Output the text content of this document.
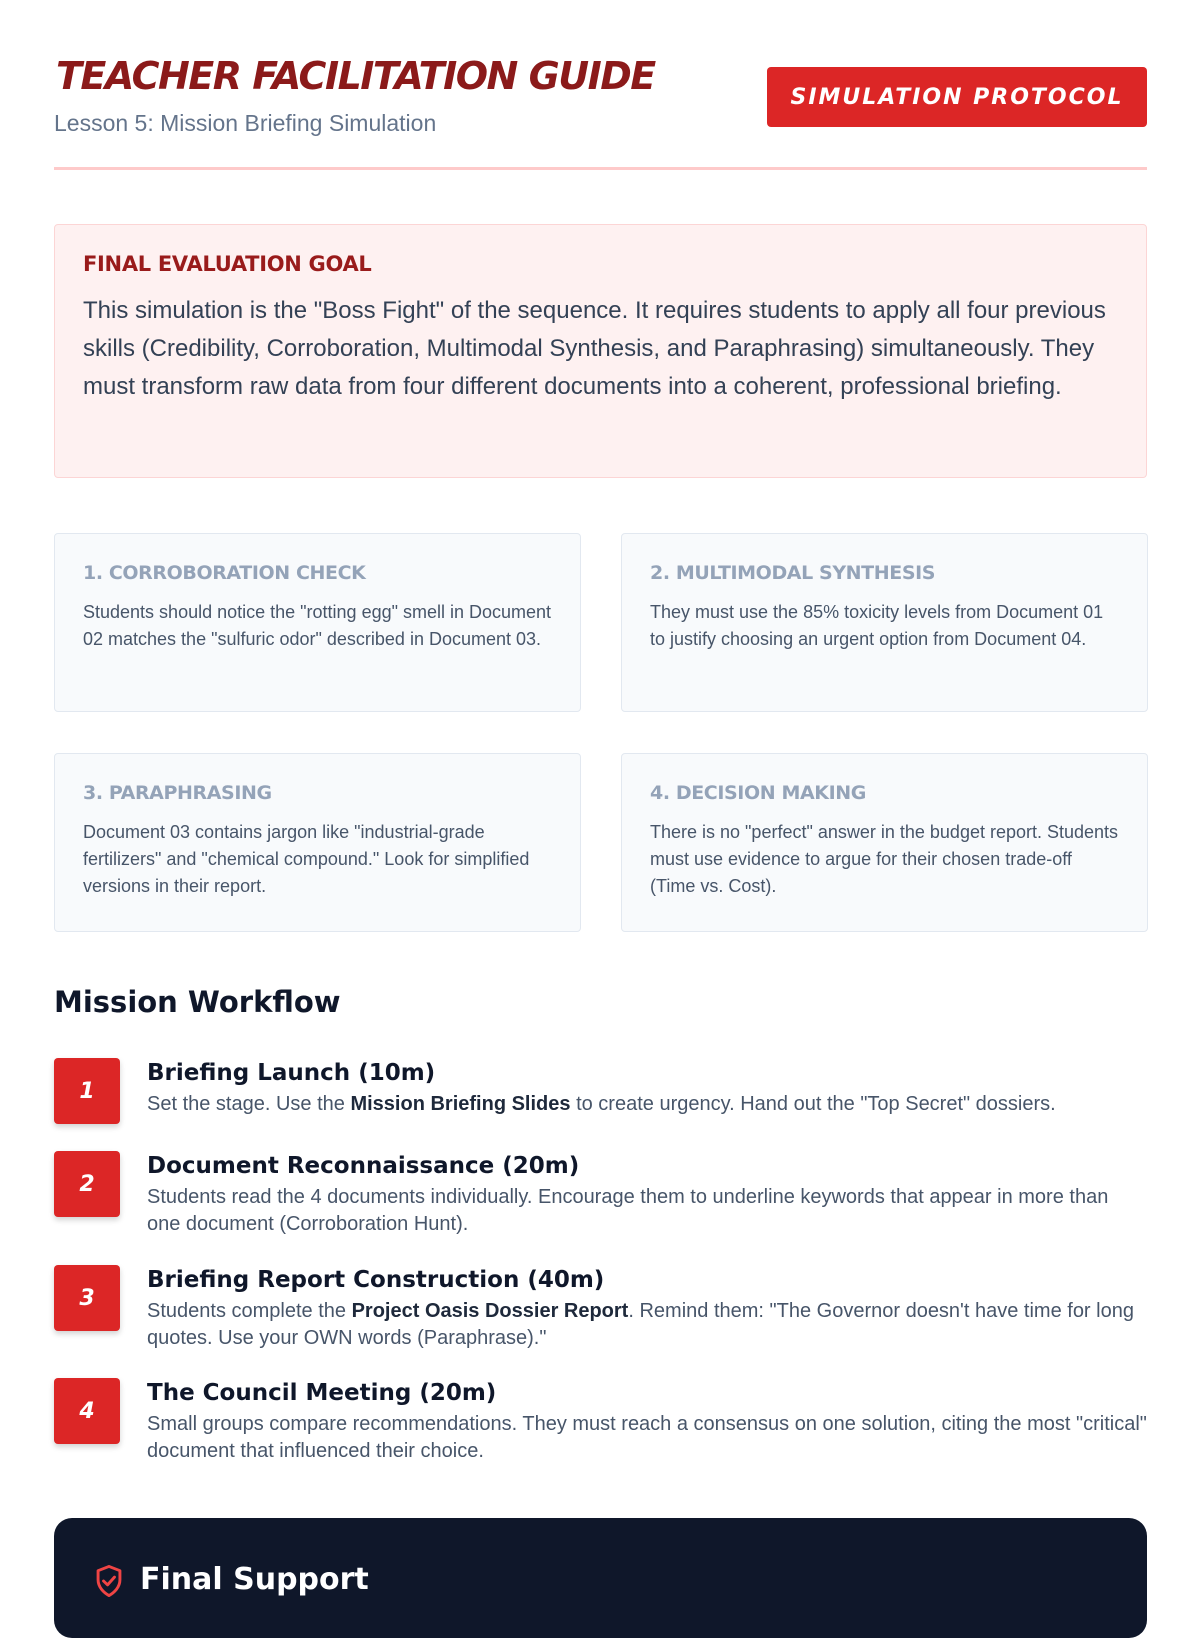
TEACHER FACILITATION GUIDE
Lesson 5: Mission Briefing Simulation
SIMULATION PROTOCOL
FINAL EVALUATION GOAL

This simulation is the "Boss Fight" of the sequence. It requires students to apply all four previous skills (Credibility, Corroboration, Multimodal Synthesis, and Paraphrasing) simultaneously. They must transform raw data from four different documents into a coherent, professional briefing.

1. CORROBORATION CHECK

Students should notice the "rotting egg" smell in Document 02 matches the "sulfuric odor" described in Document 03.

2. MULTIMODAL SYNTHESIS

They must use the 85% toxicity levels from Document 01 to justify choosing an urgent option from Document 04.

3. PARAPHRASING

Document 03 contains jargon like "industrial-grade fertilizers" and "chemical compound." Look for simplified versions in their report.

4. DECISION MAKING

There is no "perfect" answer in the budget report. Students must use evidence to argue for their chosen trade-off (Time vs. Cost).

Mission Workflow
1
Briefing Launch (10m)

Set the stage. Use the Mission Briefing Slides to create urgency. Hand out the "Top Secret" dossiers.

2
Document Reconnaissance (20m)

Students read the 4 documents individually. Encourage them to underline keywords that appear in more than one document (Corroboration Hunt).

3
Briefing Report Construction (40m)

Students complete the Project Oasis Dossier Report. Remind them: "The Governor doesn't have time for long quotes. Use your OWN words (Paraphrase)."

4
The Council Meeting (20m)

Small groups compare recommendations. They must reach a consensus on one solution, citing the most "critical" document that influenced their choice.

Final Support
